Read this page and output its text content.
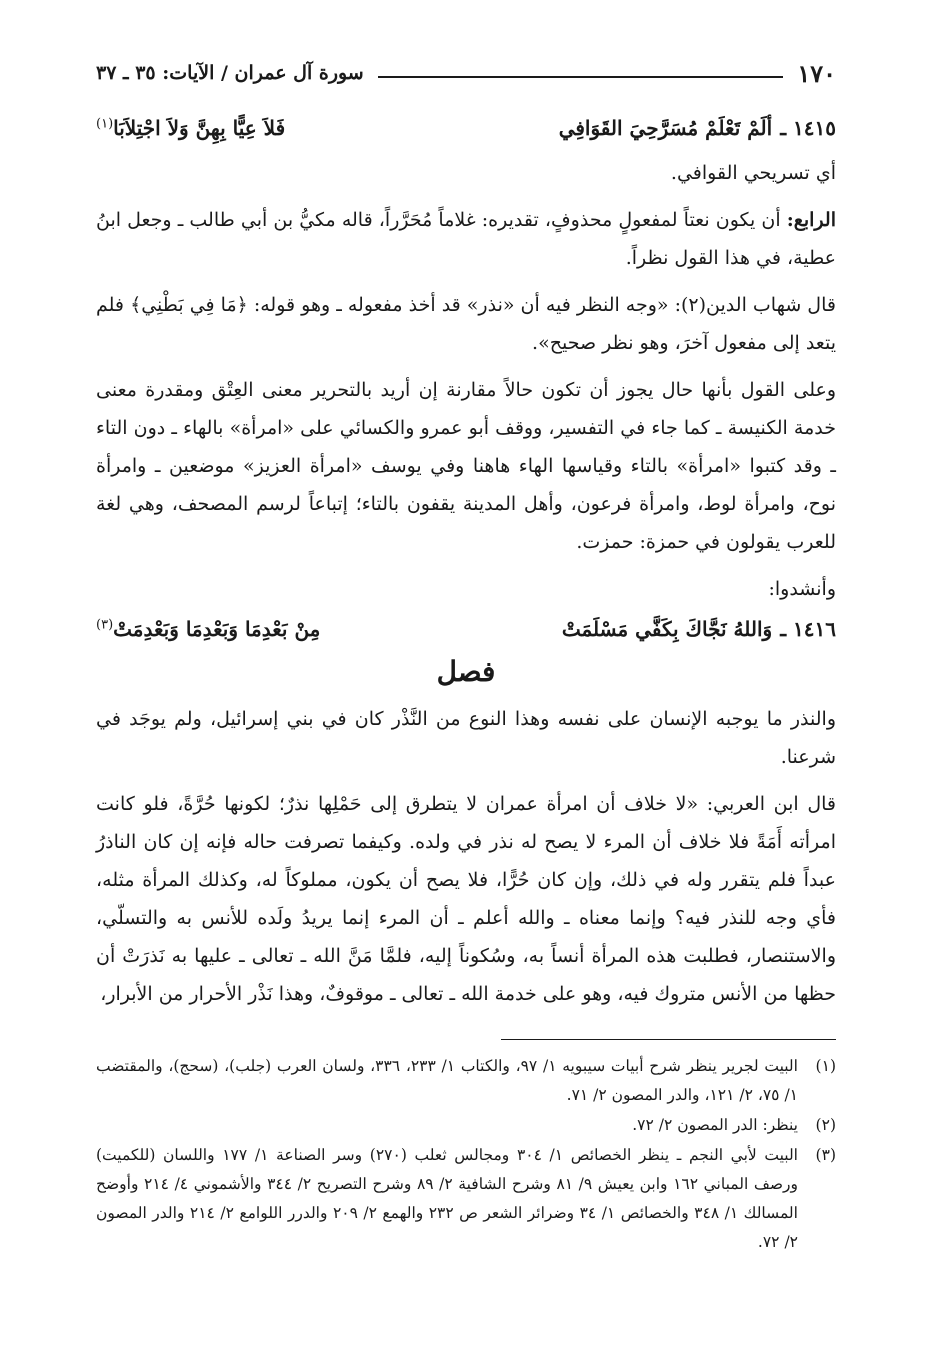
١٧٠
سورة آل عمران / الآيات: ٣٥ ـ ٣٧
١٤١٥ ـ
ألَمْ تَعْلَمْ مُسَرَّحِيَ القَوَافِي
فَلاَ عِيًّا بِهِنَّ وَلاَ اجْتِلاَبَا$^{(١)}$

أي تسريحي القوافي.

الرابع: أن يكون نعتاً لمفعولٍ محذوفٍ، تقديره: غلاماً مُحَرَّراً، قاله مكيُّ بن أبي طالب ـ وجعل ابنُ عطية، في هذا القول نظراً.

قال شهاب الدين(٢): «وجه النظر فيه أن «نذر» قد أخذ مفعوله ـ وهو قوله: ﴿مَا فِي بَطْنِي﴾ فلم يتعد إلى مفعول آخرَ، وهو نظر صحيح».

وعلى القول بأنها حال يجوز أن تكون حالاً مقارنة إن أريد بالتحرير معنى العِتْق ومقدرة معنى خدمة الكنيسة ـ كما جاء في التفسير، ووقف أبو عمرو والكسائي على «امرأة» بالهاء ـ دون التاء ـ وقد كتبوا «امرأة» بالتاء وقياسها الهاء هاهنا وفي يوسف «امرأة العزيز» موضعين ـ وامرأة نوح، وامرأة لوط، وامرأة فرعون، وأهل المدينة يقفون بالتاء؛ إتباعاً لرسم المصحف، وهي لغة للعرب يقولون في حمزة: حمزت.

وأنشدوا:

١٤١٦ ـ
وَاللهُ نَجَّاكَ بِكَفَّي مَسْلَمَتْ
مِنْ بَعْدِمَا وَبَعْدِمَا وَبَعْدِمَتْ$^{(٣)}$
فصل

والنذر ما يوجبه الإنسان على نفسه وهذا النوع من النَّذْر كان في بني إسرائيل، ولم يوجَد في شرعنا.

قال ابن العربي: «لا خلاف أن امرأة عمران لا يتطرق إلى حَمْلِها نذرٌ؛ لكونها حُرَّةً، فلو كانت امرأته أَمَةً فلا خلاف أن المرء لا يصح له نذر في ولده. وكيفما تصرفت حاله فإنه إن كان الناذرُ عبداً فلم يتقرر وله في ذلك، وإن كان حُرًّا، فلا يصح أن يكون، مملوكاً له، وكذلك المرأة مثله، فأي وجه للنذر فيه؟ وإنما معناه ـ والله أعلم ـ أن المرء إنما يريدُ ولَده للأنس به والتسلّي، والاستنصار، فطلبت هذه المرأة أنساً به، وسُكوناً إليه، فلمَّا مَنَّ الله ـ تعالى ـ عليها به نَذرَتْ أن حظها من الأنس متروك فيه، وهو على خدمة الله ـ تعالى ـ موقوفٌ، وهذا نَذْر الأحرار من الأبرار،

(١)
البيت لجرير ينظر شرح أبيات سيبويه ١/ ٩٧، والكتاب ١/ ٢٣٣، ٣٣٦، ولسان العرب (جلب)، (سحج)، والمقتضب ١/ ٧٥، ٢/ ١٢١، والدر المصون ٢/ ٧١.
(٢)
ينظر: الدر المصون ٢/ ٧٢.
(٣)
البيت لأبي النجم ـ ينظر الخصائص ١/ ٣٠٤ ومجالس ثعلب (٢٧٠) وسر الصناعة ١/ ١٧٧ واللسان (للكميت) ورصف المباني ١٦٢ وابن يعيش ٩/ ٨١ وشرح الشافية ٢/ ٨٩ وشرح التصريح ٢/ ٣٤٤ والأشموني ٤/ ٢١٤ وأوضح المسالك ١/ ٣٤٨ والخصائص ١/ ٣٤ وضرائر الشعر ص ٢٣٢ والهمع ٢/ ٢٠٩ والدرر اللوامع ٢/ ٢١٤ والدر المصون ٢/ ٧٢.
